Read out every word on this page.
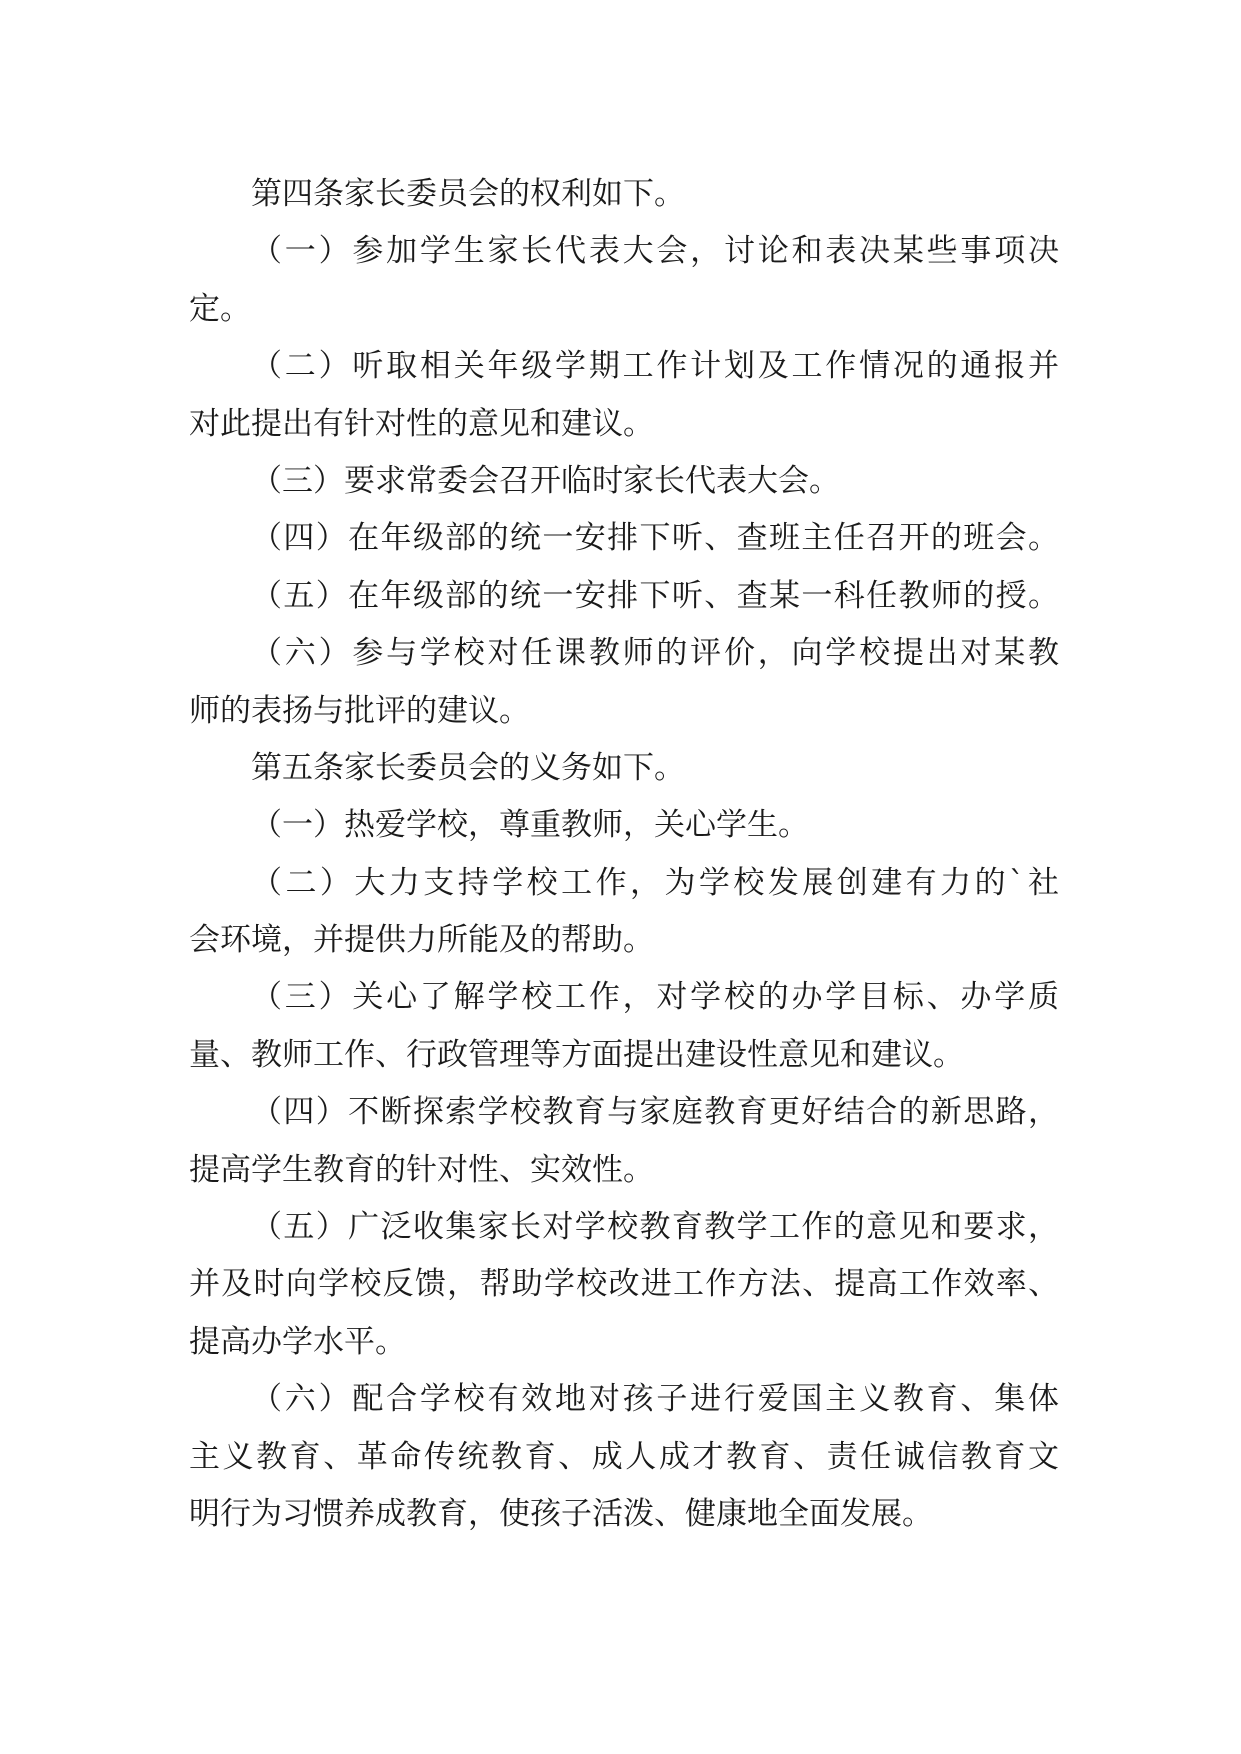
第四条家长委员会的权利如下。
（一）参加学生家长代表大会，讨论和表决某些事项决
定。
（二）听取相关年级学期工作计划及工作情况的通报并
对此提出有针对性的意见和建议。
（三）要求常委会召开临时家长代表大会。
（四）在年级部的统一安排下听、查班主任召开的班会。
（五）在年级部的统一安排下听、查某一科任教师的授。
（六）参与学校对任课教师的评价，向学校提出对某教
师的表扬与批评的建议。
第五条家长委员会的义务如下。
（一）热爱学校，尊重教师，关心学生。
（二）大力支持学校工作，为学校发展创建有力的`社
会环境，并提供力所能及的帮助。
（三）关心了解学校工作，对学校的办学目标、办学质
量、教师工作、行政管理等方面提出建设性意见和建议。
（四）不断探索学校教育与家庭教育更好结合的新思路，
提高学生教育的针对性、实效性。
（五）广泛收集家长对学校教育教学工作的意见和要求，
并及时向学校反馈，帮助学校改进工作方法、提高工作效率、
提高办学水平。
（六）配合学校有效地对孩子进行爱国主义教育、集体
主义教育、革命传统教育、成人成才教育、责任诚信教育文
明行为习惯养成教育，使孩子活泼、健康地全面发展。
